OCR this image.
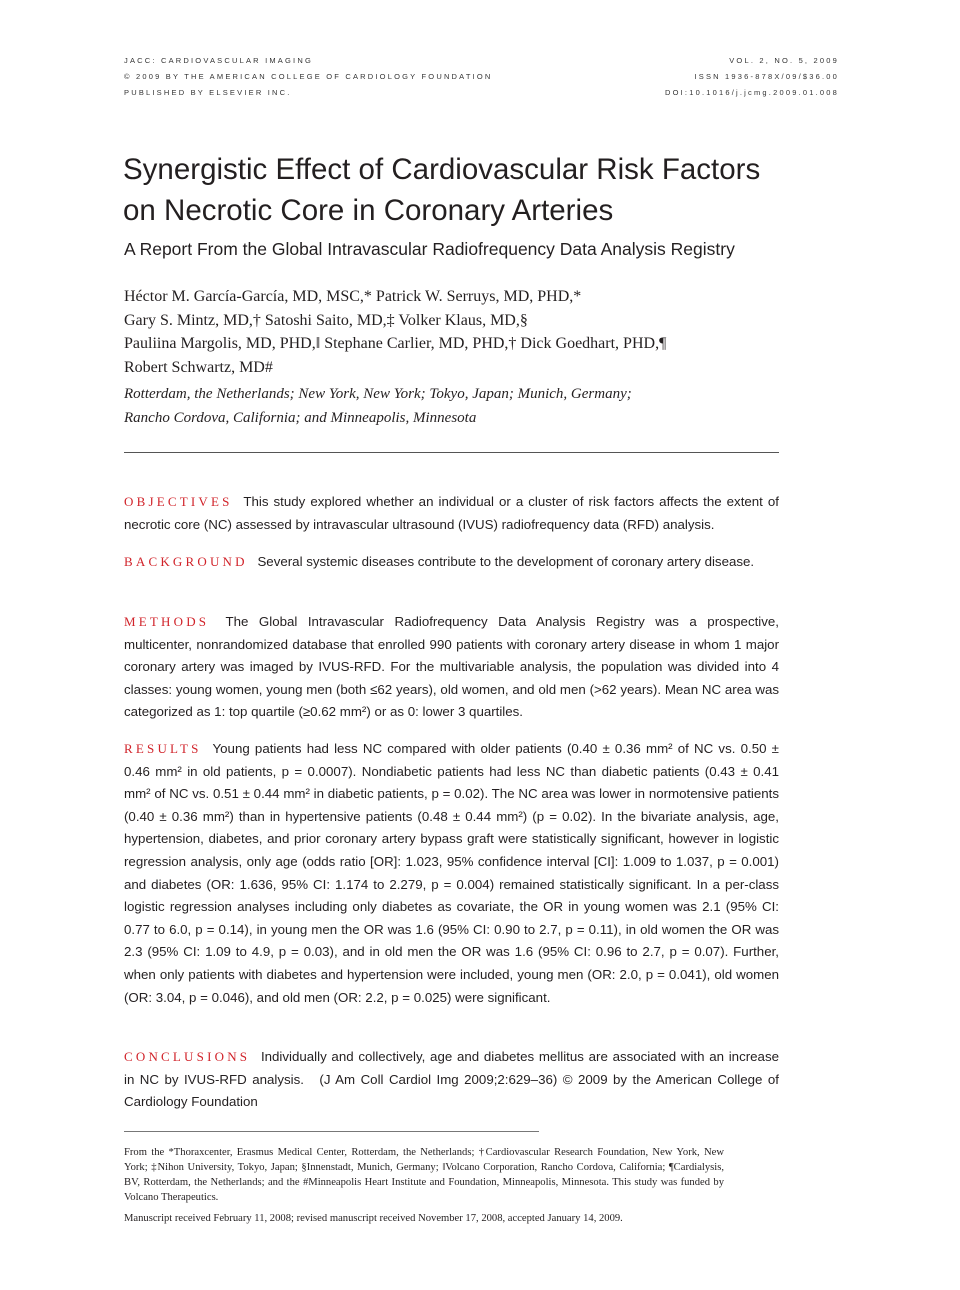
JACC: CARDIOVASCULAR IMAGING
© 2009 BY THE AMERICAN COLLEGE OF CARDIOLOGY FOUNDATION
PUBLISHED BY ELSEVIER INC.
VOL. 2, NO. 5, 2009
ISSN 1936-878X/09/$36.00
DOI:10.1016/j.jcmg.2009.01.008
Synergistic Effect of Cardiovascular Risk Factors
on Necrotic Core in Coronary Arteries
A Report From the Global Intravascular Radiofrequency Data Analysis Registry
Héctor M. García-García, MD, MSC,* Patrick W. Serruys, MD, PHD,*
Gary S. Mintz, MD,† Satoshi Saito, MD,‡ Volker Klaus, MD,§
Pauliina Margolis, MD, PHD,‖ Stephane Carlier, MD, PHD,† Dick Goedhart, PHD,¶
Robert Schwartz, MD#
Rotterdam, the Netherlands; New York, New York; Tokyo, Japan; Munich, Germany;
Rancho Cordova, California; and Minneapolis, Minnesota
OBJECTIVES This study explored whether an individual or a cluster of risk factors affects the extent of necrotic core (NC) assessed by intravascular ultrasound (IVUS) radiofrequency data (RFD) analysis.
BACKGROUND Several systemic diseases contribute to the development of coronary artery disease.
METHODS The Global Intravascular Radiofrequency Data Analysis Registry was a prospective, multicenter, nonrandomized database that enrolled 990 patients with coronary artery disease in whom 1 major coronary artery was imaged by IVUS-RFD. For the multivariable analysis, the population was divided into 4 classes: young women, young men (both ≤62 years), old women, and old men (>62 years). Mean NC area was categorized as 1: top quartile (≥0.62 mm²) or as 0: lower 3 quartiles.
RESULTS Young patients had less NC compared with older patients (0.40 ± 0.36 mm² of NC vs. 0.50 ± 0.46 mm² in old patients, p = 0.0007). Nondiabetic patients had less NC than diabetic patients (0.43 ± 0.41 mm² of NC vs. 0.51 ± 0.44 mm² in diabetic patients, p = 0.02). The NC area was lower in normotensive patients (0.40 ± 0.36 mm²) than in hypertensive patients (0.48 ± 0.44 mm²) (p = 0.02). In the bivariate analysis, age, hypertension, diabetes, and prior coronary artery bypass graft were statistically significant, however in logistic regression analysis, only age (odds ratio [OR]: 1.023, 95% confidence interval [CI]: 1.009 to 1.037, p = 0.001) and diabetes (OR: 1.636, 95% CI: 1.174 to 2.279, p = 0.004) remained statistically significant. In a per-class logistic regression analyses including only diabetes as covariate, the OR in young women was 2.1 (95% CI: 0.77 to 6.0, p = 0.14), in young men the OR was 1.6 (95% CI: 0.90 to 2.7, p = 0.11), in old women the OR was 2.3 (95% CI: 1.09 to 4.9, p = 0.03), and in old men the OR was 1.6 (95% CI: 0.96 to 2.7, p = 0.07). Further, when only patients with diabetes and hypertension were included, young men (OR: 2.0, p = 0.041), old women (OR: 3.04, p = 0.046), and old men (OR: 2.2, p = 0.025) were significant.
CONCLUSIONS Individually and collectively, age and diabetes mellitus are associated with an increase in NC by IVUS-RFD analysis. (J Am Coll Cardiol Img 2009;2:629–36) © 2009 by the American College of Cardiology Foundation
From the *Thoraxcenter, Erasmus Medical Center, Rotterdam, the Netherlands; †Cardiovascular Research Foundation, New York, New York; ‡Nihon University, Tokyo, Japan; §Innenstadt, Munich, Germany; ‖Volcano Corporation, Rancho Cordova, California; ¶Cardialysis, BV, Rotterdam, the Netherlands; and the #Minneapolis Heart Institute and Foundation, Minneapolis, Minnesota. This study was funded by Volcano Therapeutics.
Manuscript received February 11, 2008; revised manuscript received November 17, 2008, accepted January 14, 2009.
